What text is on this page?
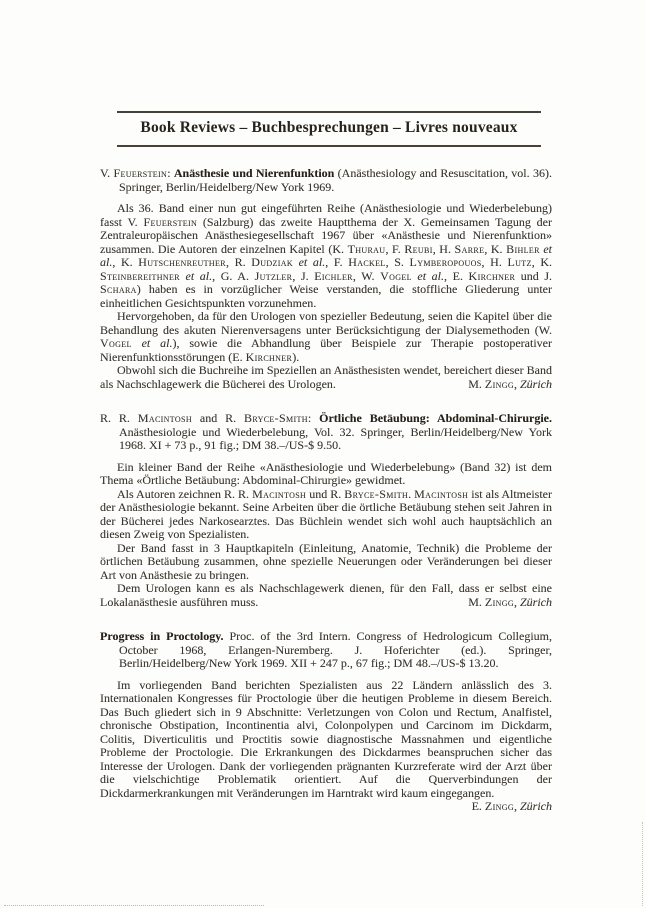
Book Reviews – Buchbesprechungen – Livres nouveaux

V. Feuerstein: Anästhesie und Nierenfunktion (Anästhesiology and Resuscitation, vol. 36). Springer, Berlin/Heidelberg/New York 1969.

Als 36. Band einer nun gut eingeführten Reihe (Anästhesiologie und Wiederbelebung) fasst V. Feuerstein (Salzburg) das zweite Hauptthema der X. Gemeinsamen Tagung der Zentraleuropäischen Anästhesiegesellschaft 1967 über «Anästhesie und Nierenfunktion» zusammen. Die Autoren der einzelnen Kapitel (K. Thurau, F. Reubi, H. Sarre, K. Bihler et al., K. Hutschenreuther, R. Dudziak et al., F. Hackel, S. Lymberopouos, H. Lutz, K. Steinbereithner et al., G. A. Jutzler, J. Eichler, W. Vogel et al., E. Kirchner und J. Schara) haben es in vorzüglicher Weise verstanden, die stoffliche Gliederung unter einheitlichen Gesichtspunkten vorzunehmen.

Hervorgehoben, da für den Urologen von spezieller Bedeutung, seien die Kapitel über die Behandlung des akuten Nierenversagens unter Berücksichtigung der Dialysemethoden (W. Vogel et al.), sowie die Abhandlung über Beispiele zur Therapie postoperativer Nierenfunktionsstörungen (E. Kirchner).

Obwohl sich die Buchreihe im Speziellen an Anästhesisten wendet, bereichert dieser Band als Nachschlagewerk die Bücherei des Urologen.	M. Zingg, Zürich

R. R. Macintosh and R. Bryce-Smith: Örtliche Betäubung: Abdominal-Chirurgie. Anästhesiologie und Wiederbelebung, Vol. 32. Springer, Berlin/Heidelberg/New York 1968. XI + 73 p., 91 fig.; DM 38.–/US-$ 9.50.

Ein kleiner Band der Reihe «Anästhesiologie und Wiederbelebung» (Band 32) ist dem Thema «Örtliche Betäubung: Abdominal-Chirurgie» gewidmet.

Als Autoren zeichnen R. R. Macintosh und R. Bryce-Smith. Macintosh ist als Altmeister der Anästhesiologie bekannt. Seine Arbeiten über die örtliche Betäubung stehen seit Jahren in der Bücherei jedes Narkosearztes. Das Büchlein wendet sich wohl auch hauptsächlich an diesen Zweig von Spezialisten.

Der Band fasst in 3 Hauptkapiteln (Einleitung, Anatomie, Technik) die Probleme der örtlichen Betäubung zusammen, ohne spezielle Neuerungen oder Veränderungen bei dieser Art von Anästhesie zu bringen.

Dem Urologen kann es als Nachschlagewerk dienen, für den Fall, dass er selbst eine Lokalanästhesie ausführen muss.	M. Zingg, Zürich

Progress in Proctology. Proc. of the 3rd Intern. Congress of Hedrologicum Collegium, October 1968, Erlangen-Nuremberg. J. Hoferichter (ed.). Springer, Berlin/Heidelberg/New York 1969. XII + 247 p., 67 fig.; DM 48.–/US-$ 13.20.

Im vorliegenden Band berichten Spezialisten aus 22 Ländern anlässlich des 3. Internationalen Kongresses für Proctologie über die heutigen Probleme in diesem Bereich. Das Buch gliedert sich in 9 Abschnitte: Verletzungen von Colon und Rectum, Analfistel, chronische Obstipation, Incontinentia alvi, Colonpolypen und Carcinom im Dickdarm, Colitis, Diverticulitis und Proctitis sowie diagnostische Massnahmen und eigentliche Probleme der Proctologie. Die Erkrankungen des Dickdarmes beanspruchen sicher das Interesse der Urologen. Dank der vorliegenden prägnanten Kurzreferate wird der Arzt über die vielschichtige Problematik orientiert. Auf die Querverbindungen der Dickdarmerkrankungen mit Veränderungen im Harntrakt wird kaum eingegangen.
E. Zingg, Zürich
